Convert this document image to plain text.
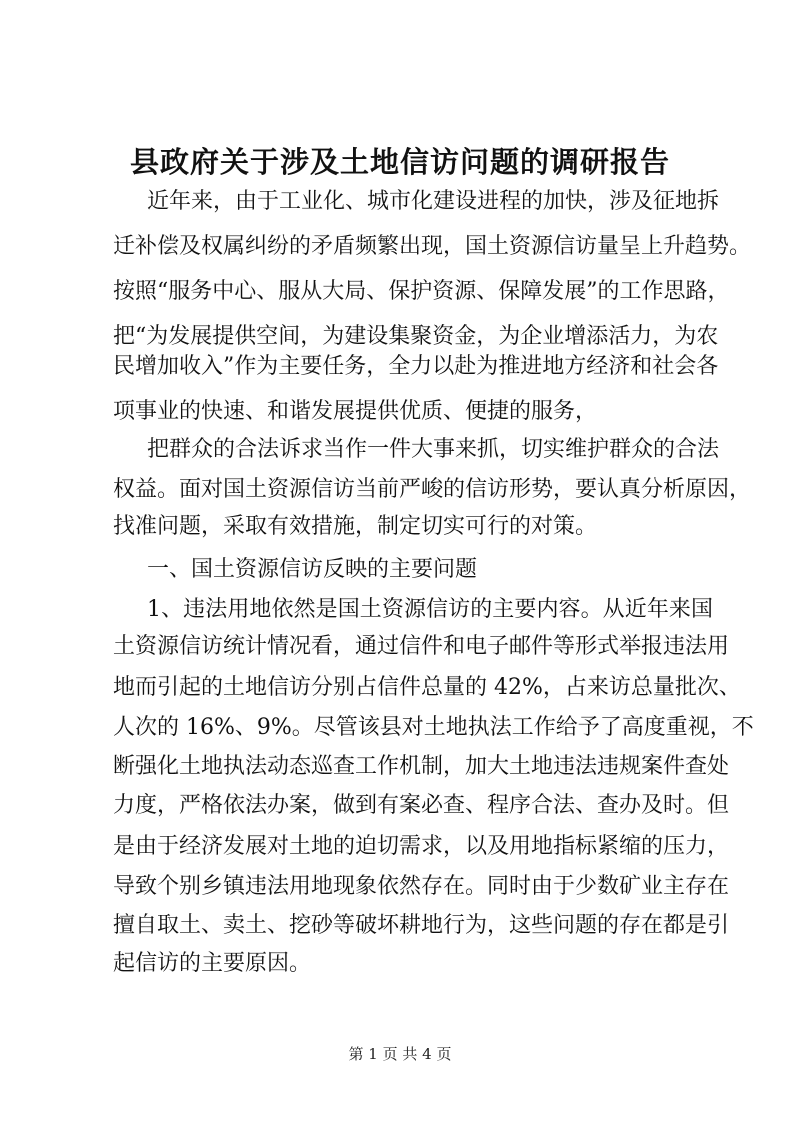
县政府关于涉及土地信访问题的调研报告
近年来，由于工业化、城市化建设进程的加快，涉及征地拆
迁补偿及权属纠纷的矛盾频繁出现，国土资源信访量呈上升趋势。
按照“服务中心、服从大局、保护资源、保障发展”的工作思路，
把“为发展提供空间，为建设集聚资金，为企业增添活力，为农
民增加收入”作为主要任务，全力以赴为推进地方经济和社会各
项事业的快速、和谐发展提供优质、便捷的服务，
把群众的合法诉求当作一件大事来抓，切实维护群众的合法
权益。面对国土资源信访当前严峻的信访形势，要认真分析原因，
找准问题，采取有效措施，制定切实可行的对策。
一、国土资源信访反映的主要问题
1、违法用地依然是国土资源信访的主要内容。从近年来国
土资源信访统计情况看，通过信件和电子邮件等形式举报违法用
地而引起的土地信访分别占信件总量的 42%，占来访总量批次、
人次的 16%、9%。尽管该县对土地执法工作给予了高度重视，不
断强化土地执法动态巡查工作机制，加大土地违法违规案件查处
力度，严格依法办案，做到有案必查、程序合法、查办及时。但
是由于经济发展对土地的迫切需求，以及用地指标紧缩的压力，
导致个别乡镇违法用地现象依然存在。同时由于少数矿业主存在
擅自取土、卖土、挖砂等破坏耕地行为，这些问题的存在都是引
起信访的主要原因。
第 1 页 共 4 页
